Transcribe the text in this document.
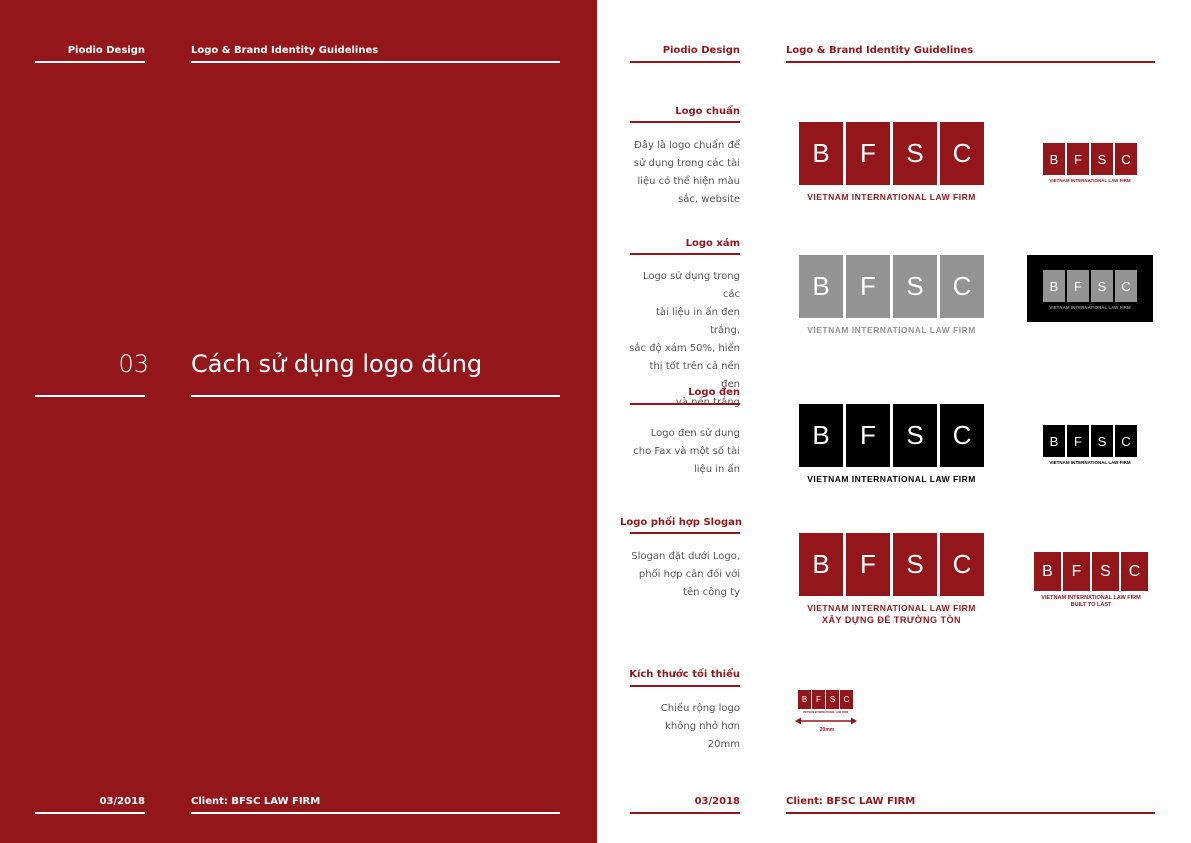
Piodio Design	Logo & Brand Identity Guidelines
03 Cách sử dụng logo đúng
03/2018	Client: BFSC LAW FIRM
Piodio Design	Logo & Brand Identity Guidelines
Logo chuẩn
Đây là logo chuẩn để
sử dụng trong các tài
liệu có thể hiện màu
sắc, website
Logo xám
Logo sử dụng trong các
tài liệu in ấn đen trắng,
sắc độ xám 50%, hiển
thị tốt trên cả nền đen
Logo đen
Logo đen sử dụng
cho Fax và một số tài
liệu in ấn
Logo phối hợp Slogan
Slogan đặt dưới Logo,
phối hợp cân đối với
tên công ty
Kích thước tối thiểu
Chiều rộng logo
không nhỏ hơn
20mm
B	F	S	C
VIETNAM INTERNATIONAL LAW FIRM
B	F	S	C
VIETNAM INTERNATIONAL LAW FIRM
B	F	S	C
VIETNAM INTERNATIONAL LAW FIRM
B	F	S	C
VIETNAM INTERNATIONAL LAW FIRM
B	F	S	C
VIETNAM INTERNATIONAL LAW FIRM
B	F	S	C
VIETNAM INTERNATIONAL LAW FIRM
B	F	S	C
VIETNAM INTERNATIONAL LAW FIRM
XÂY DỰNG ĐỂ TRƯỜNG TỒN
B	F	S	C
VIETNAM INTERNATIONAL LAW FIRM
BUILT TO LAST
B	F	S	C
VIETNAM INTERNATIONAL LAW FIRM
20mm
03/2018	Client: BFSC LAW FIRM
